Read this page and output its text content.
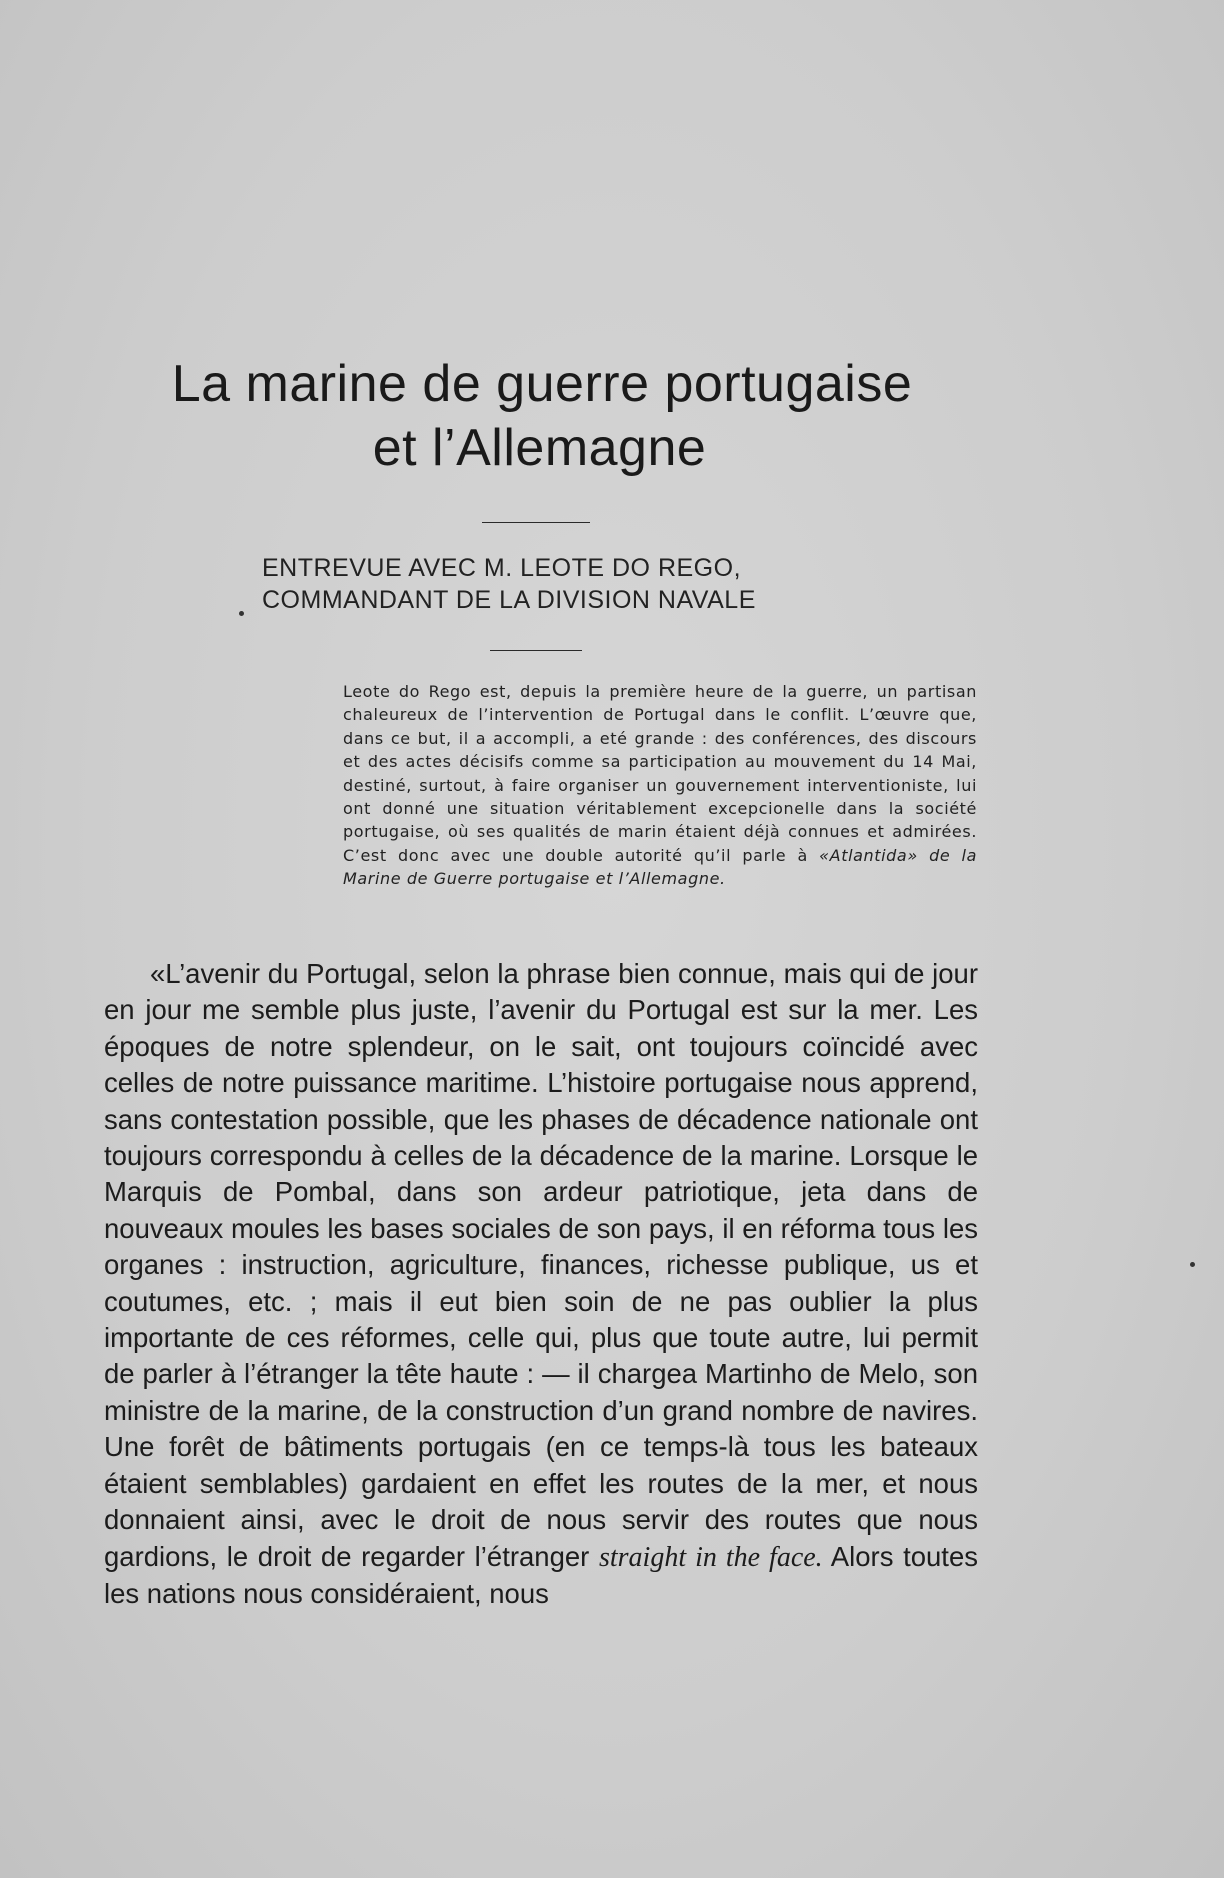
La marine de guerre portugaise
et l’Allemagne
ENTREVUE AVEC M. LEOTE DO REGO,
COMMANDANT DE LA DIVISION NAVALE
Leote do Rego est, depuis la première heure de la guerre, un partisan chaleureux de l’intervention de Portugal dans le conflit. L’œuvre que, dans ce but, il a accompli, a eté grande : des conférences, des discours et des actes décisifs comme sa participation au mouvement du 14 Mai, destiné, surtout, à faire organiser un gouvernement interventioniste, lui ont donné une situation véritablement excepcionelle dans la société portugaise, où ses qualités de marin étaient déjà connues et admirées. C’est donc avec une double autorité qu’il parle à «Atlantida» de la Marine de Guerre portugaise et l’Allemagne.
«L’avenir du Portugal, selon la phrase bien connue, mais qui de jour en jour me semble plus juste, l’avenir du Portugal est sur la mer. Les époques de notre splendeur, on le sait, ont toujours coïncidé avec celles de notre puissance maritime. L’histoire portugaise nous apprend, sans contestation possible, que les phases de décadence nationale ont toujours correspondu à celles de la décadence de la marine. Lorsque le Marquis de Pombal, dans son ardeur patriotique, jeta dans de nouveaux moules les bases sociales de son pays, il en réforma tous les organes : instruction, agriculture, finances, richesse publique, us et coutumes, etc. ; mais il eut bien soin de ne pas oublier la plus importante de ces réformes, celle qui, plus que toute autre, lui permit de parler à l’étranger la tête haute : — il chargea Martinho de Melo, son ministre de la marine, de la construction d’un grand nombre de navires. Une forêt de bâtiments portugais (en ce temps-là tous les bateaux étaient semblables) gardaient en effet les routes de la mer, et nous donnaient ainsi, avec le droit de nous servir des routes que nous gardions, le droit de regarder l’étranger straight in the face. Alors toutes les nations nous considéraient, nous
